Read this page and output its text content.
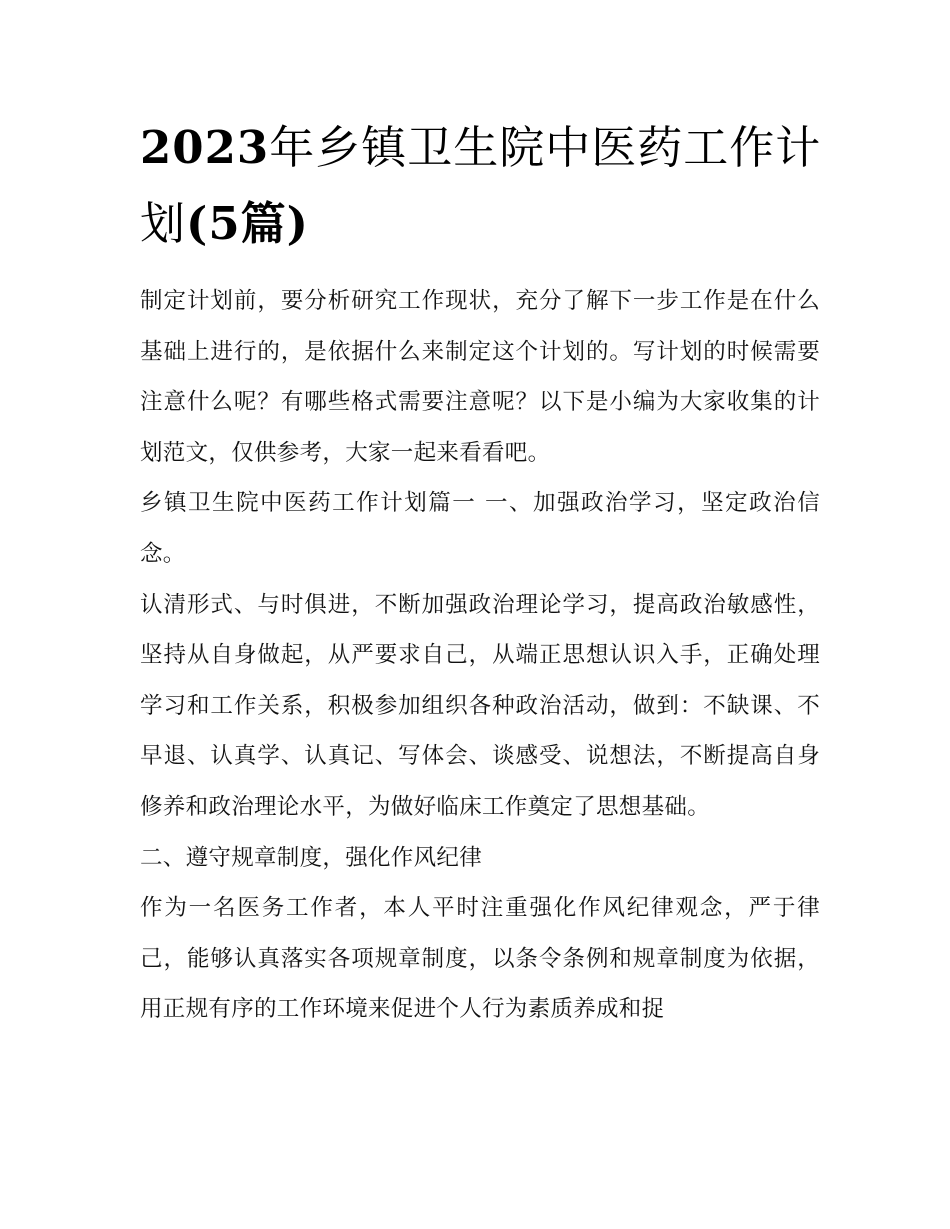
2023年乡镇卫生院中医药工作计划(5篇)

制定计划前，要分析研究工作现状，充分了解下一步工作是在什么基础上进行的，是依据什么来制定这个计划的。写计划的时候需要注意什么呢？有哪些格式需要注意呢？以下是小编为大家收集的计划范文，仅供参考，大家一起来看看吧。

乡镇卫生院中医药工作计划篇一 一、加强政治学习，坚定政治信念。

认清形式、与时俱进，不断加强政治理论学习，提高政治敏感性，坚持从自身做起，从严要求自己，从端正思想认识入手，正确处理学习和工作关系，积极参加组织各种政治活动，做到：不缺课、不早退、认真学、认真记、写体会、谈感受、说想法，不断提高自身修养和政治理论水平，为做好临床工作奠定了思想基础。

二、遵守规章制度，强化作风纪律

作为一名医务工作者，本人平时注重强化作风纪律观念，严于律己，能够认真落实各项规章制度，以条令条例和规章制度为依据，用正规有序的工作环境来促进个人行为素质养成和捉
